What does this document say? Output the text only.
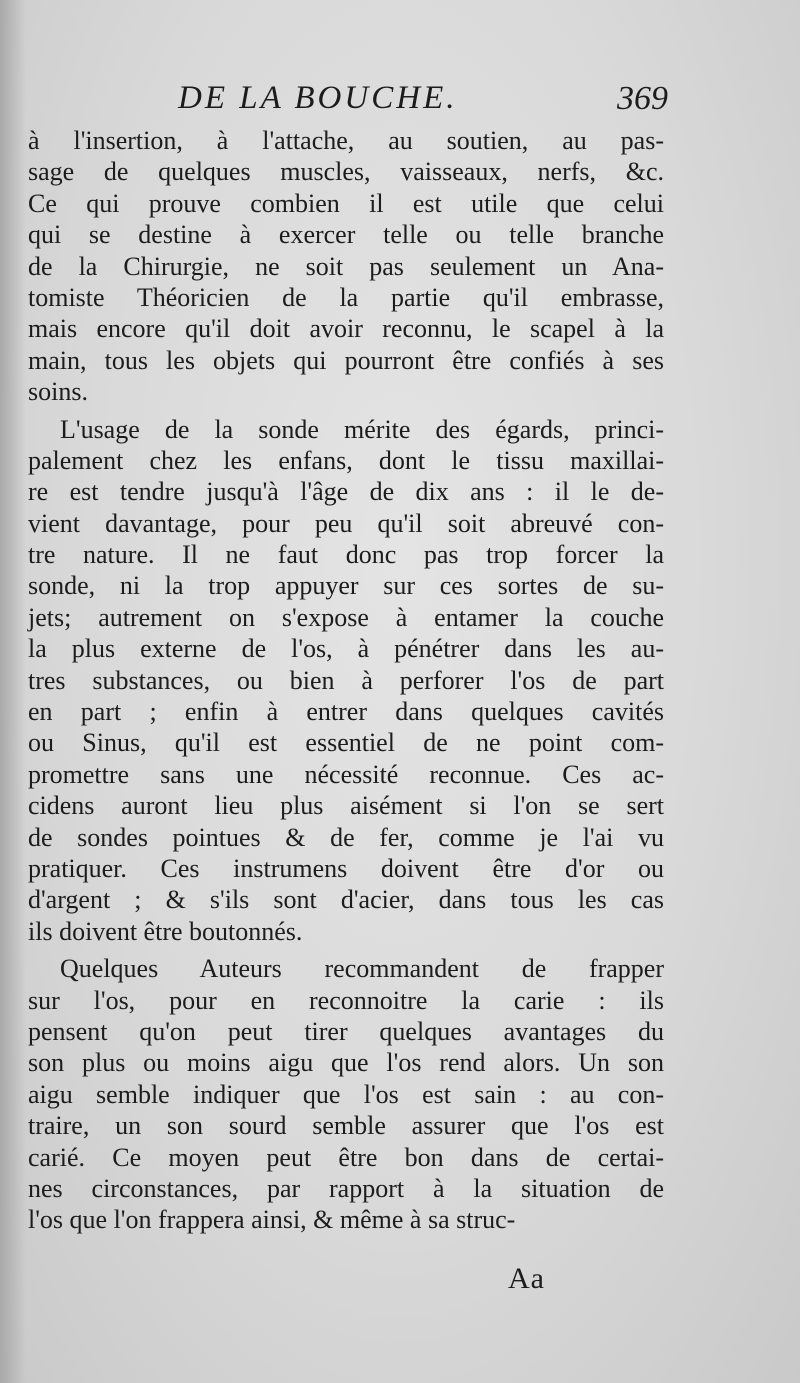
DE LA BOUCHE.	369
à l'insertion, à l'attache, au soutien, au pas-
sage de quelques muscles, vaisseaux, nerfs, &c.
Ce qui prouve combien il est utile que celui
qui se destine à exercer telle ou telle branche
de la Chirurgie, ne soit pas seulement un Ana-
tomiste Théoricien de la partie qu'il embrasse,
mais encore qu'il doit avoir reconnu, le scapel à la
main, tous les objets qui pourront être confiés à ses
soins.
L'usage de la sonde mérite des égards, princi-
palement chez les enfans, dont le tissu maxillai-
re est tendre jusqu'à l'âge de dix ans : il le de-
vient davantage, pour peu qu'il soit abreuvé con-
tre nature. Il ne faut donc pas trop forcer la
sonde, ni la trop appuyer sur ces sortes de su-
jets; autrement on s'expose à entamer la couche
la plus externe de l'os, à pénétrer dans les au-
tres substances, ou bien à perforer l'os de part
en part ; enfin à entrer dans quelques cavités
ou Sinus, qu'il est essentiel de ne point com-
promettre sans une nécessité reconnue. Ces ac-
cidens auront lieu plus aisément si l'on se sert
de sondes pointues & de fer, comme je l'ai vu
pratiquer. Ces instrumens doivent être d'or ou
d'argent ; & s'ils sont d'acier, dans tous les cas
ils doivent être boutonnés.
Quelques Auteurs recommandent de frapper
sur l'os, pour en reconnoitre la carie : ils
pensent qu'on peut tirer quelques avantages du
son plus ou moins aigu que l'os rend alors. Un son
aigu semble indiquer que l'os est sain : au con-
traire, un son sourd semble assurer que l'os est
carié. Ce moyen peut être bon dans de certai-
nes circonstances, par rapport à la situation de
l'os que l'on frappera ainsi, & même à sa struc-
Aa
